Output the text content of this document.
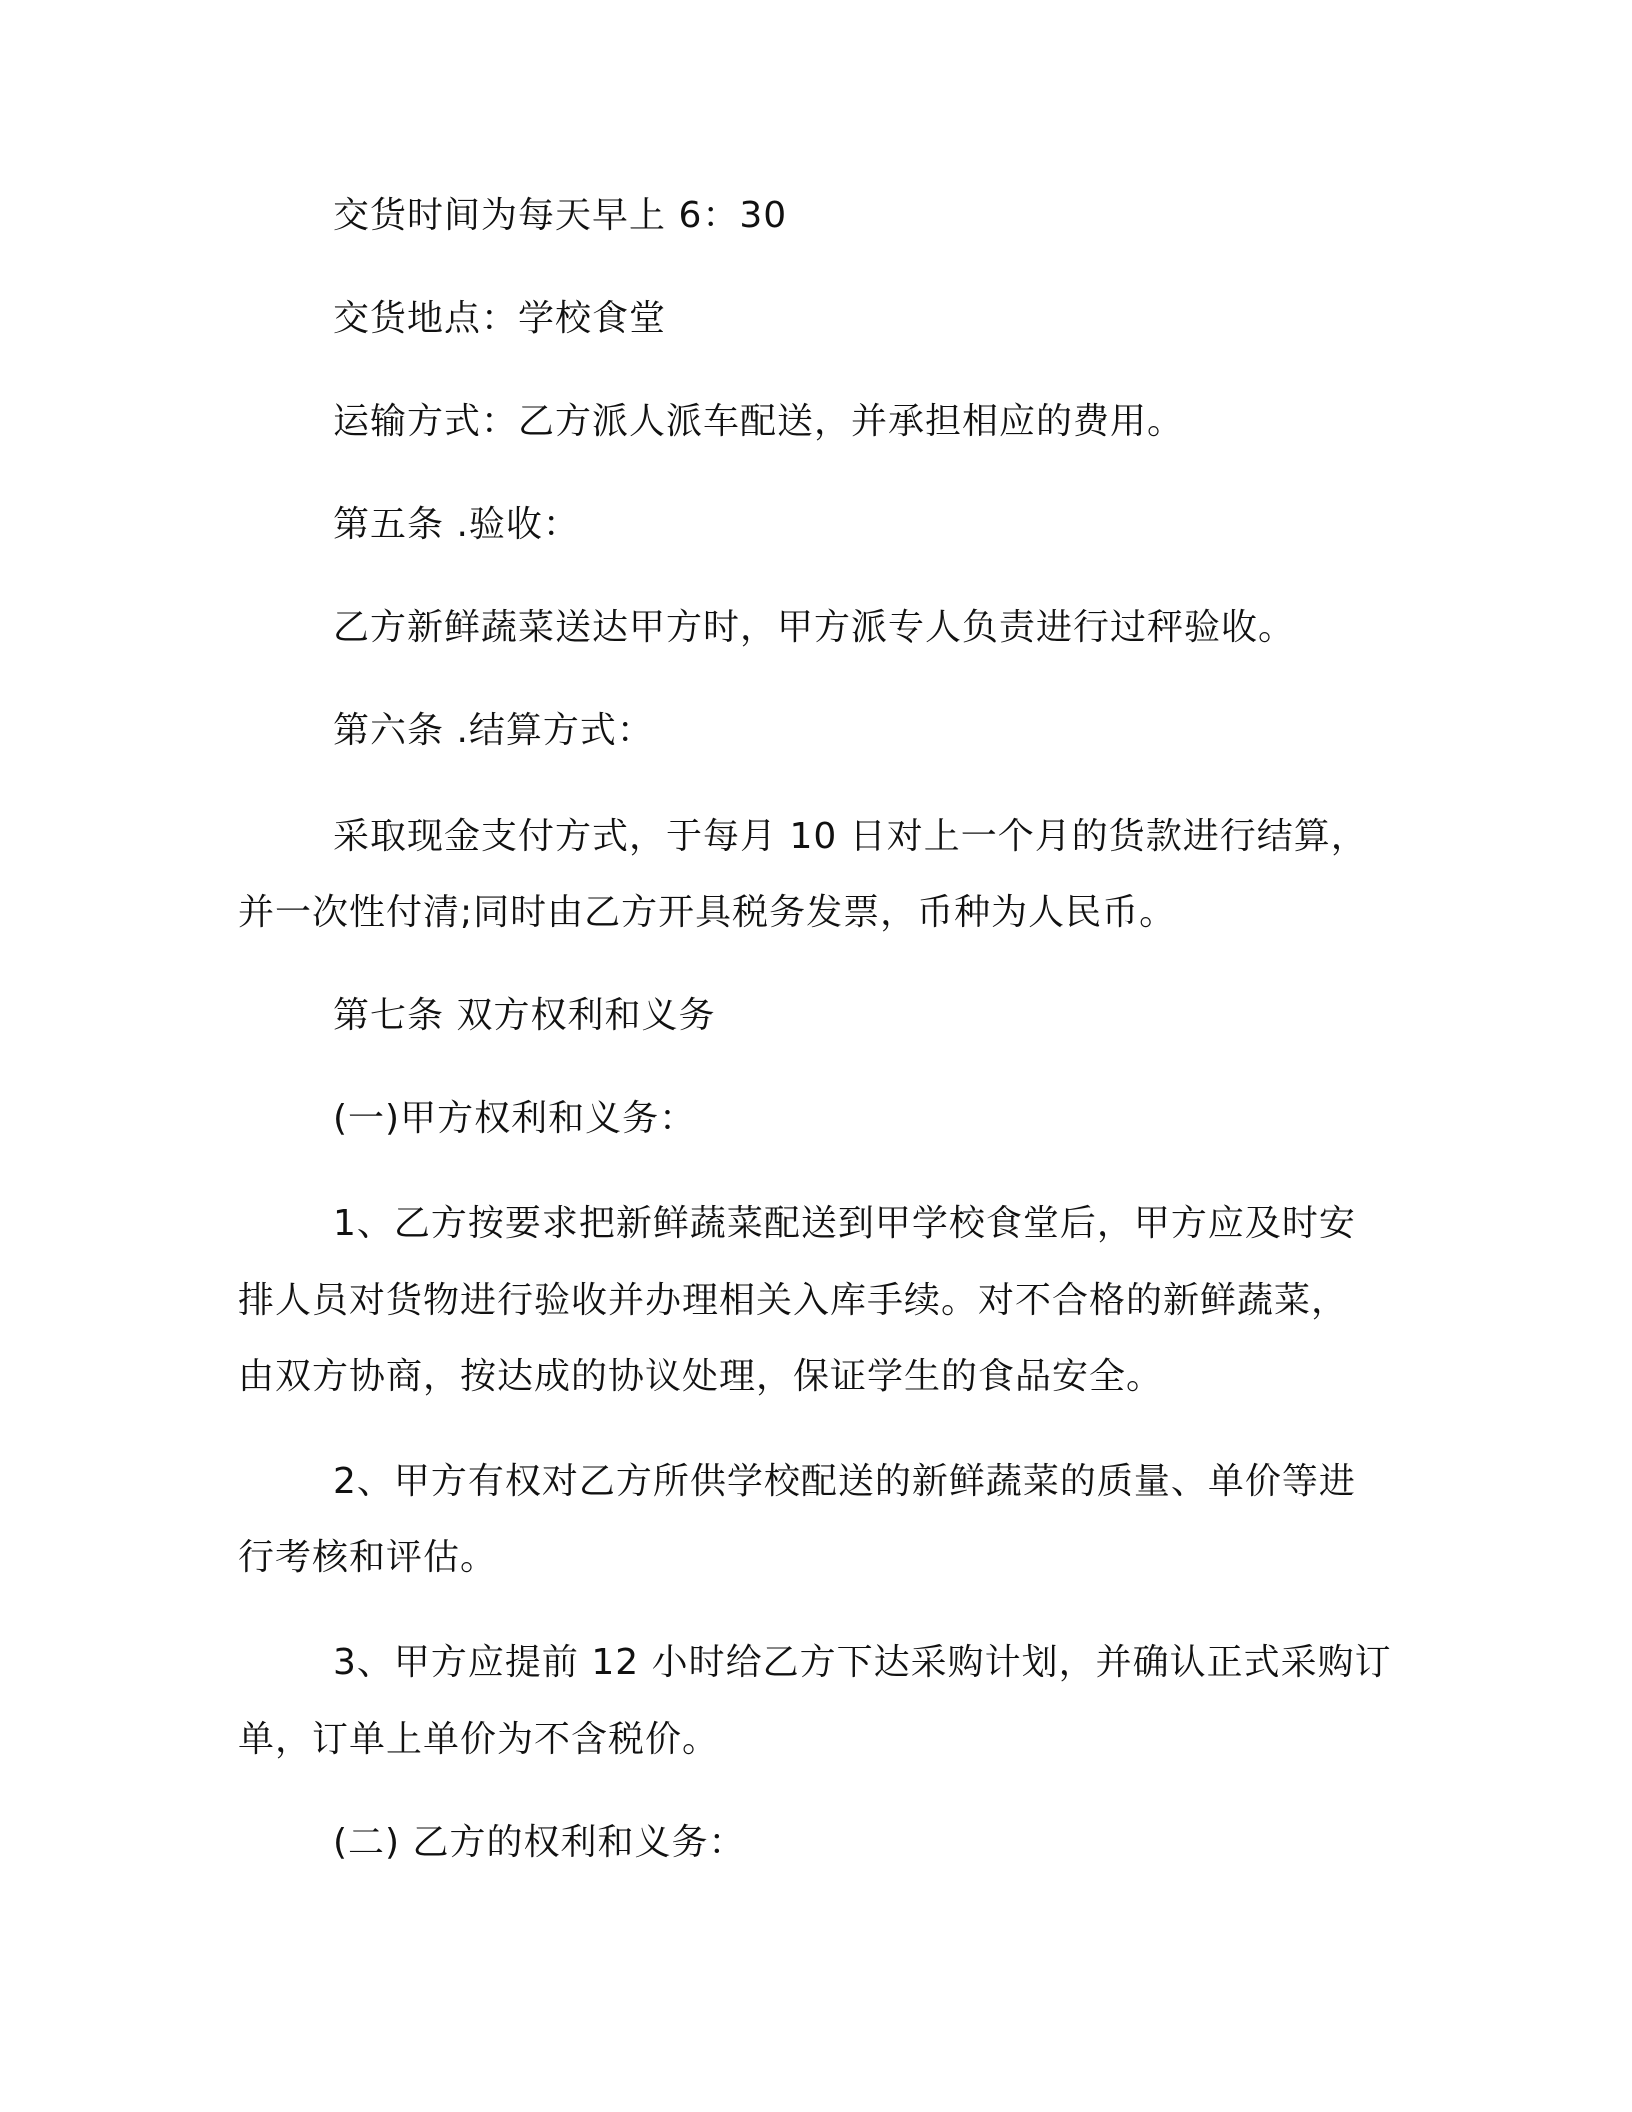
交货时间为每天早上 6：30
交货地点：学校食堂
运输方式：乙方派人派车配送，并承担相应的费用。
第五条 .验收：
乙方新鲜蔬菜送达甲方时，甲方派专人负责进行过秤验收。
第六条 .结算方式：
采取现金支付方式，于每月 10 日对上一个月的货款进行结算，
并一次性付清;同时由乙方开具税务发票，币种为人民币。
第七条 双方权利和义务
(一)甲方权利和义务：
1、乙方按要求把新鲜蔬菜配送到甲学校食堂后，甲方应及时安
排人员对货物进行验收并办理相关入库手续。对不合格的新鲜蔬菜，
由双方协商，按达成的协议处理，保证学生的食品安全。
2、甲方有权对乙方所供学校配送的新鲜蔬菜的质量、单价等进
行考核和评估。
3、甲方应提前 12 小时给乙方下达采购计划，并确认正式采购订
单，订单上单价为不含税价。
(二) 乙方的权利和义务：
